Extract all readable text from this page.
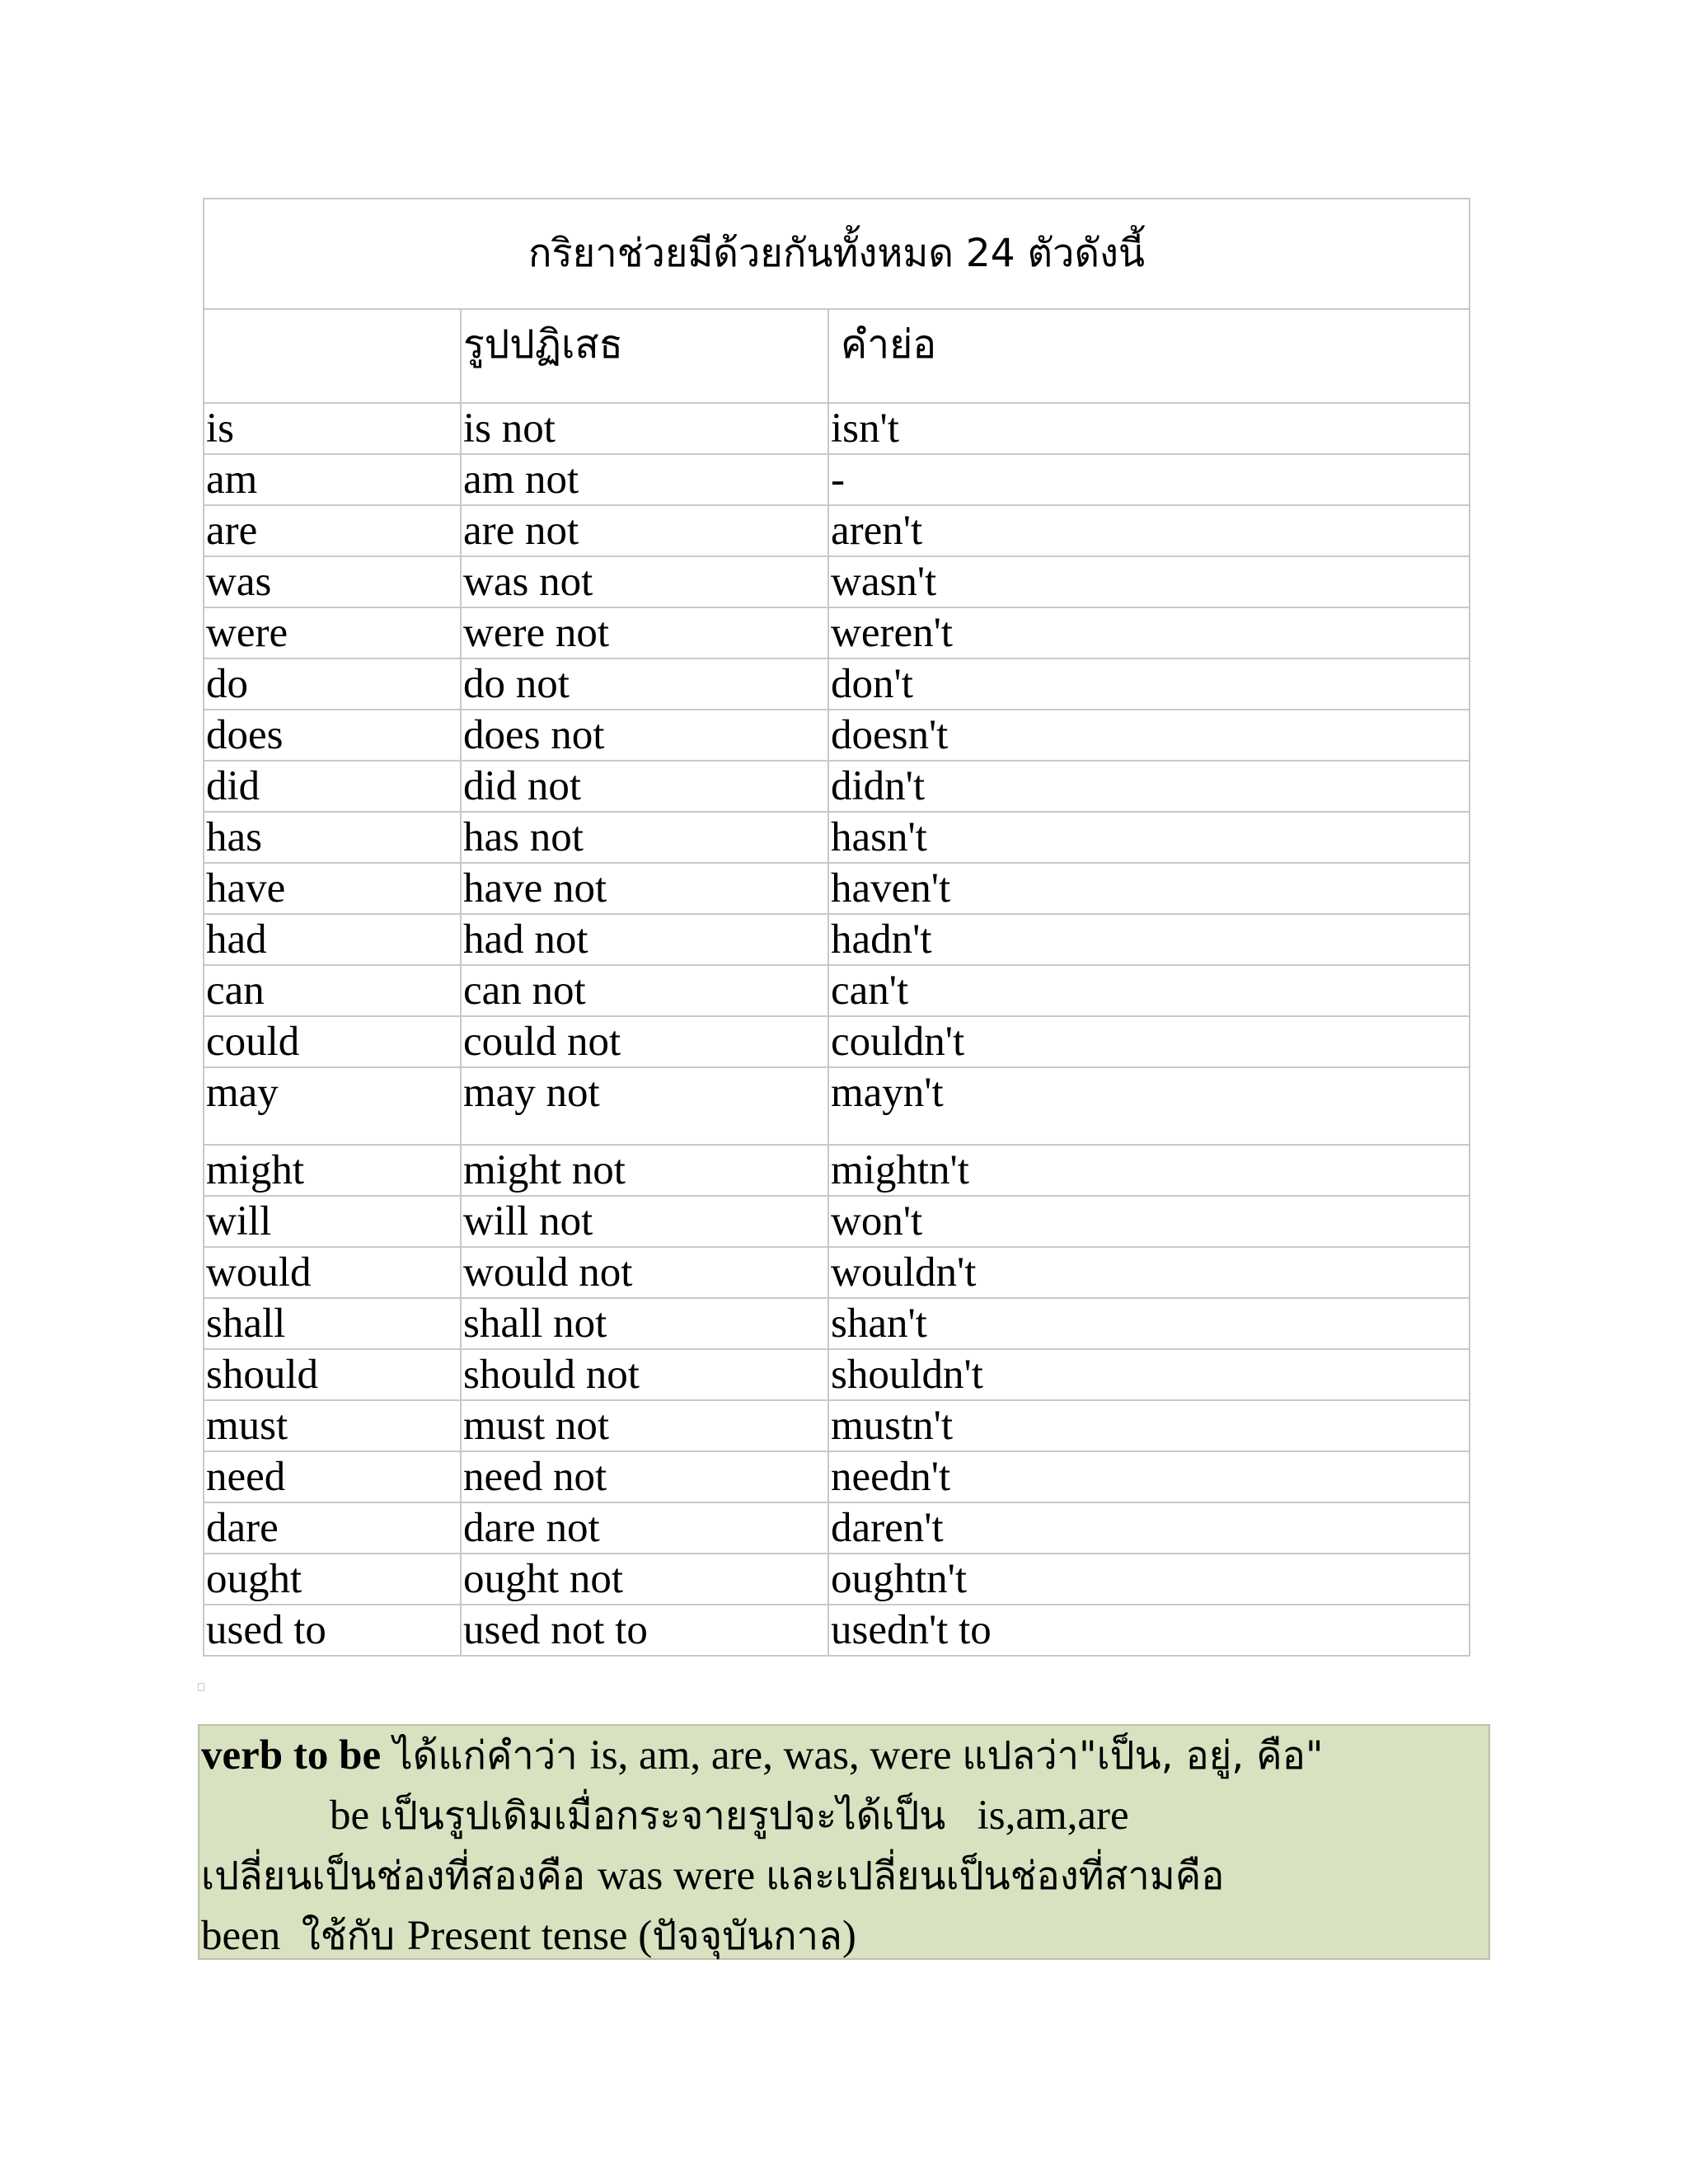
กริยาช่วยมีด้วยกันทั้งหมด 24 ตัวดังนี้		
	รูปปฏิเสธ	คำย่อ
is	is not	isn't
am	am not	-
are	are not	aren't
was	was not	wasn't
were	were not	weren't
do	do not	don't
does	does not	doesn't
did	did not	didn't
has	has not	hasn't
have	have not	haven't
had	had not	hadn't
can	can not	can't
could	could not	couldn't
may	may not	mayn't
might	might not	mightn't
will	will not	won't
would	would not	wouldn't
shall	shall not	shan't
should	should not	shouldn't
must	must not	mustn't
need	need not	needn't
dare	dare not	daren't
ought	ought not	oughtn't
used to	used not to	usedn't to
verb to be ได้แก่คำว่า is, am, are, was, were แปลว่า"เป็น, อยู่, คือ"
be เป็นรูปเดิมเมื่อกระจายรูปจะได้เป็น   is,am,are
เปลี่ยนเป็นช่องที่สองคือ was were และเปลี่ยนเป็นช่องที่สามคือ
been  ใช้กับ Present tense (ปัจจุบันกาล)
